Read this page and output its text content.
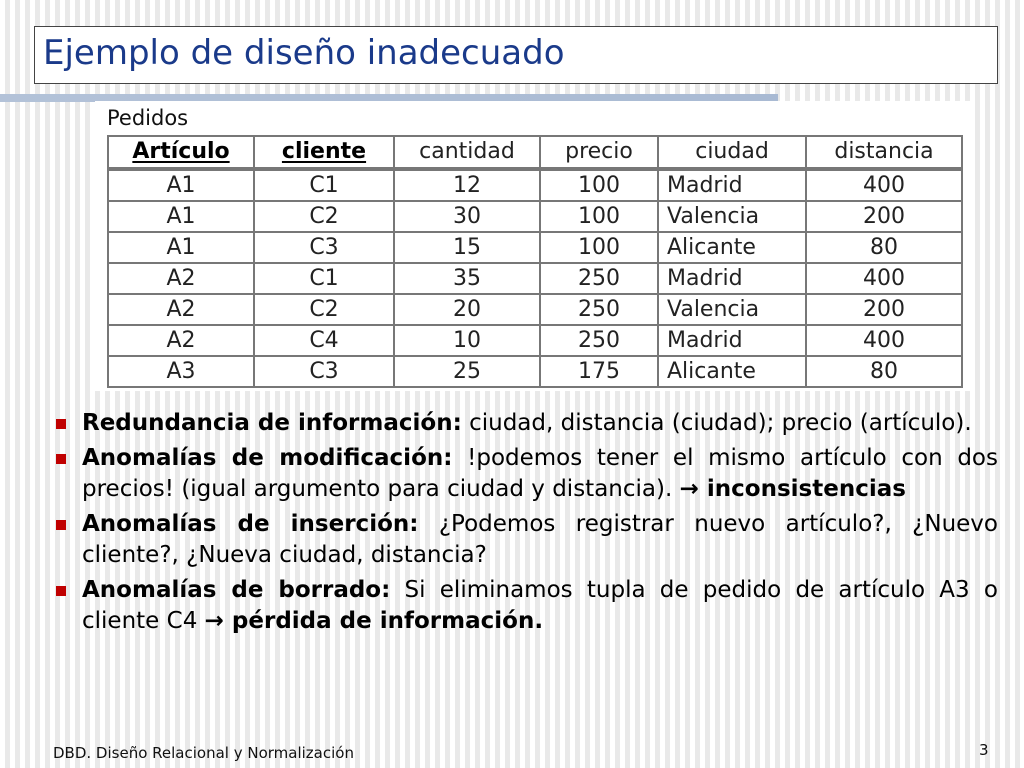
Ejemplo de diseño inadecuado
Pedidos
Artículo	cliente	cantidad	precio	ciudad	distancia
A1	C1	12	100	Madrid	400
A1	C2	30	100	Valencia	200
A1	C3	15	100	Alicante	80
A2	C1	35	250	Madrid	400
A2	C2	20	250	Valencia	200
A2	C4	10	250	Madrid	400
A3	C3	25	175	Alicante	80
Redundancia de información: ciudad, distancia (ciudad); precio (artículo).
Anomalías de modificación: !podemos tener el mismo artículo con dos precios! (igual argumento para ciudad y distancia). → inconsistencias
Anomalías de inserción: ¿Podemos registrar nuevo artículo?, ¿Nuevo cliente?, ¿Nueva ciudad, distancia?
Anomalías de borrado: Si eliminamos tupla de pedido de artículo A3 o cliente C4 → pérdida de información.
DBD. Diseño Relacional y Normalización	3
